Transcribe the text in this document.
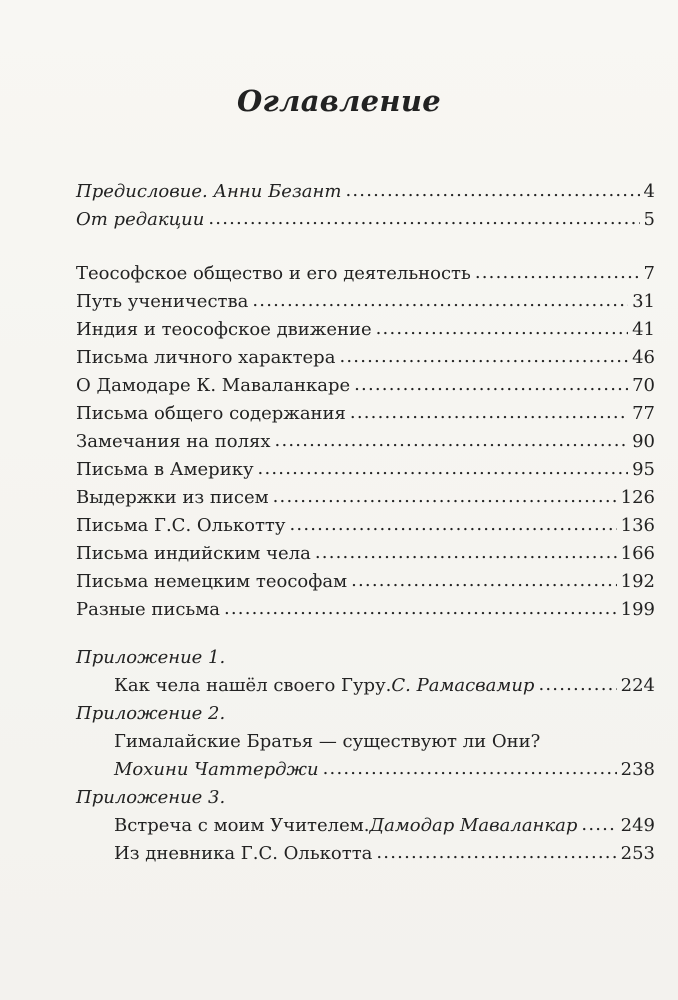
Оглавление
Предисловие. Анни Безант .....	4
От редакции .....	5
Теософское общество и его деятельность .....	7
Путь ученичества .....	31
Индия и теософское движение .....	41
Письма личного характера .....	46
О Дамодаре К. Маваланкаре .....	70
Письма общего содержания .....	77
Замечания на полях .....	90
Письма в Америку .....	95
Выдержки из писем .....	126
Письма Г.С. Олькотту .....	136
Письма индийским чела .....	166
Письма немецким теософам .....	192
Разные письма .....	199
Приложение 1.
Как чела нашёл своего Гуру. С. Рамасвамир .....	224
Приложение 2.
Гималайские Братья — существуют ли Они?
Мохини Чаттерджи .....	238
Приложение 3.
Встреча с моим Учителем. Дамодар Маваланкар ..... 249
Из дневника Г.С. Олькотта .....	253
